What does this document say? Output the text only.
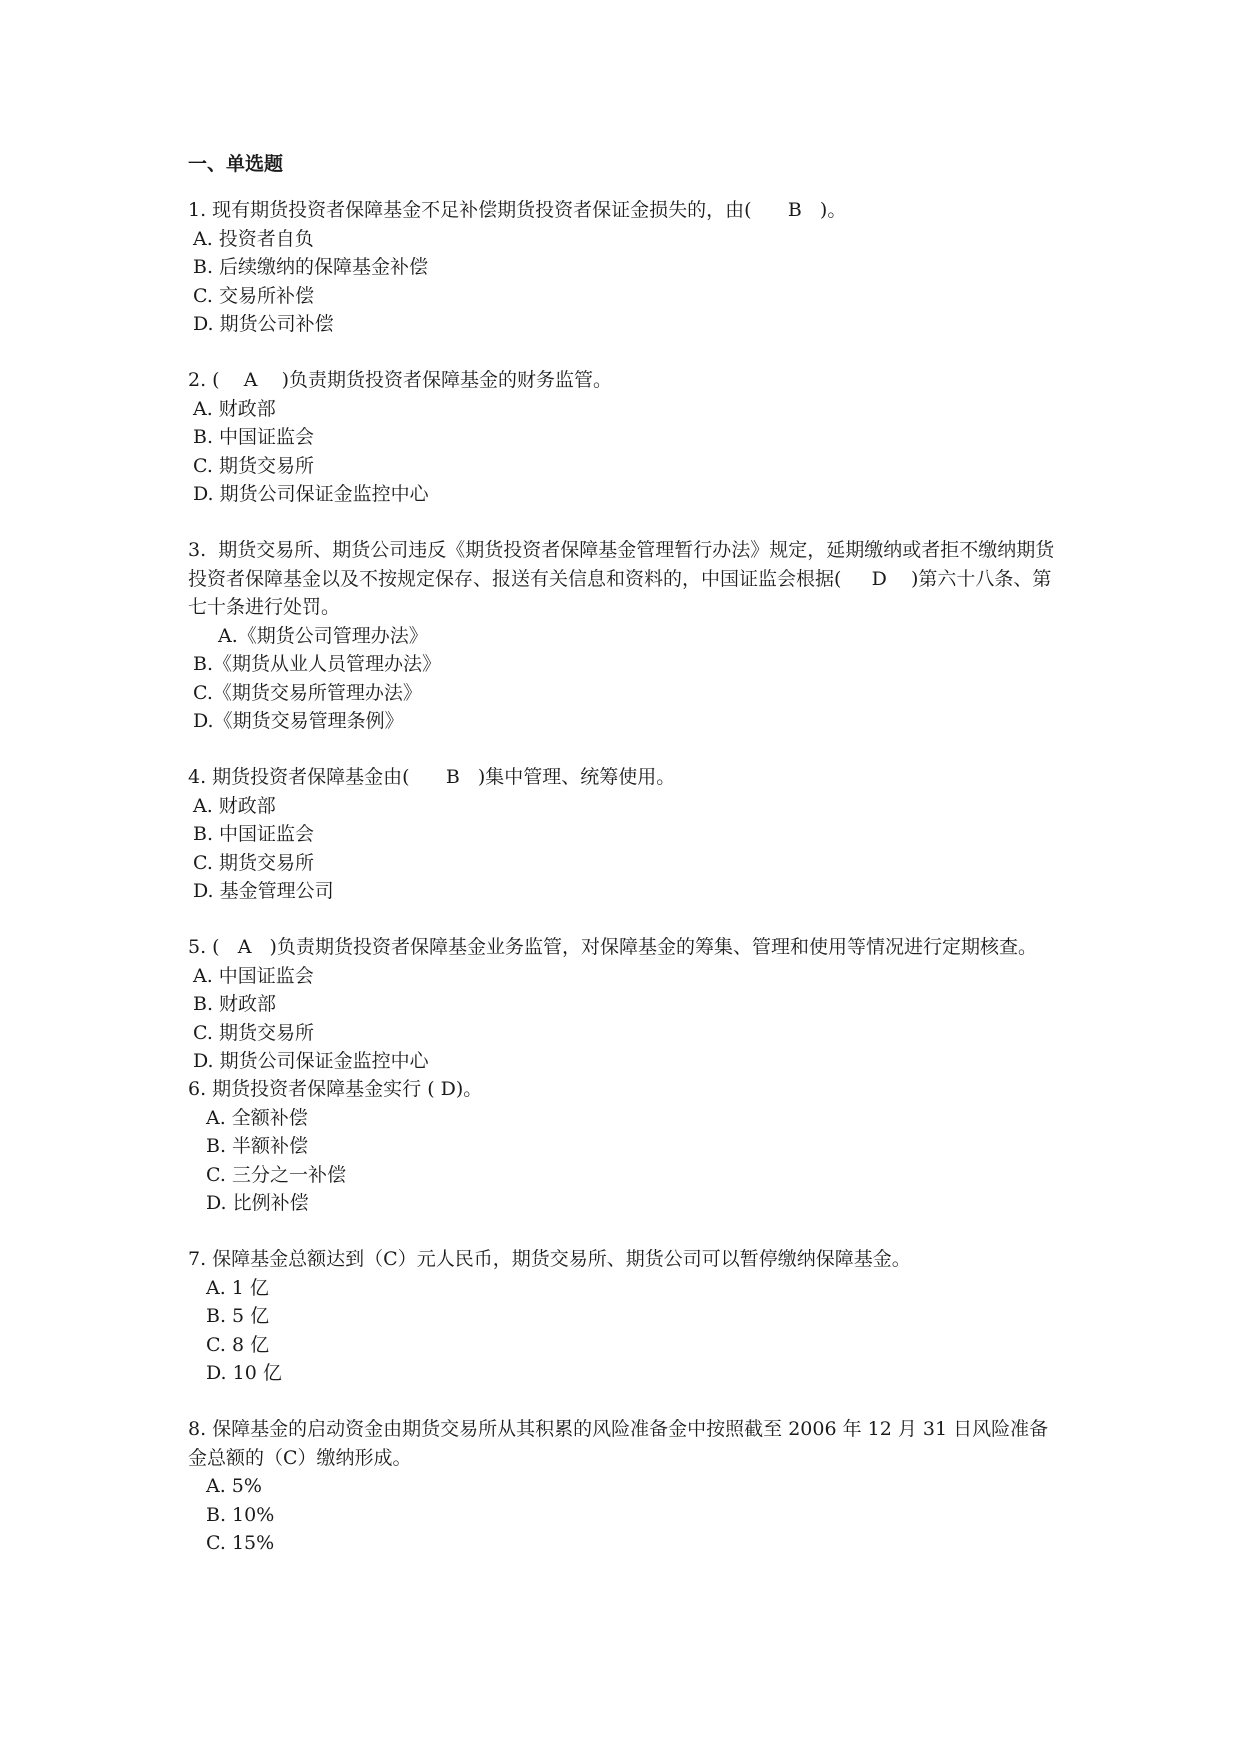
一、单选题

1. 现有期货投资者保障基金不足补偿期货投资者保证金损失的，由(      B   )。

A. 投资者自负
B. 后续缴纳的保障基金补偿
C. 交易所补偿
D. 期货公司补偿

2. (    A    )负责期货投资者保障基金的财务监管。

A. 财政部
B. 中国证监会
C. 期货交易所
D. 期货公司保证金监控中心

3.  期货交易所、期货公司违反《期货投资者保障基金管理暂行办法》规定，延期缴纳或者拒不缴纳期货投资者保障基金以及不按规定保存、报送有关信息和资料的，中国证监会根据(     D    )第六十八条、第七十条进行处罚。

A.《期货公司管理办法》
B.《期货从业人员管理办法》
C.《期货交易所管理办法》
D.《期货交易管理条例》

4. 期货投资者保障基金由(      B   )集中管理、统筹使用。

A. 财政部
B. 中国证监会
C. 期货交易所
D. 基金管理公司

5. (   A   )负责期货投资者保障基金业务监管，对保障基金的筹集、管理和使用等情况进行定期核查。

A. 中国证监会
B. 财政部
C. 期货交易所
D. 期货公司保证金监控中心

6. 期货投资者保障基金实行 ( D)。

A. 全额补偿
B. 半额补偿
C. 三分之一补偿
D. 比例补偿

7. 保障基金总额达到（C）元人民币，期货交易所、期货公司可以暂停缴纳保障基金。

A. 1 亿
B. 5 亿
C. 8 亿
D. 10 亿

8. 保障基金的启动资金由期货交易所从其积累的风险准备金中按照截至 2006 年 12 月 31 日风险准备金总额的（C）缴纳形成。

A. 5%
B. 10%
C. 15%
